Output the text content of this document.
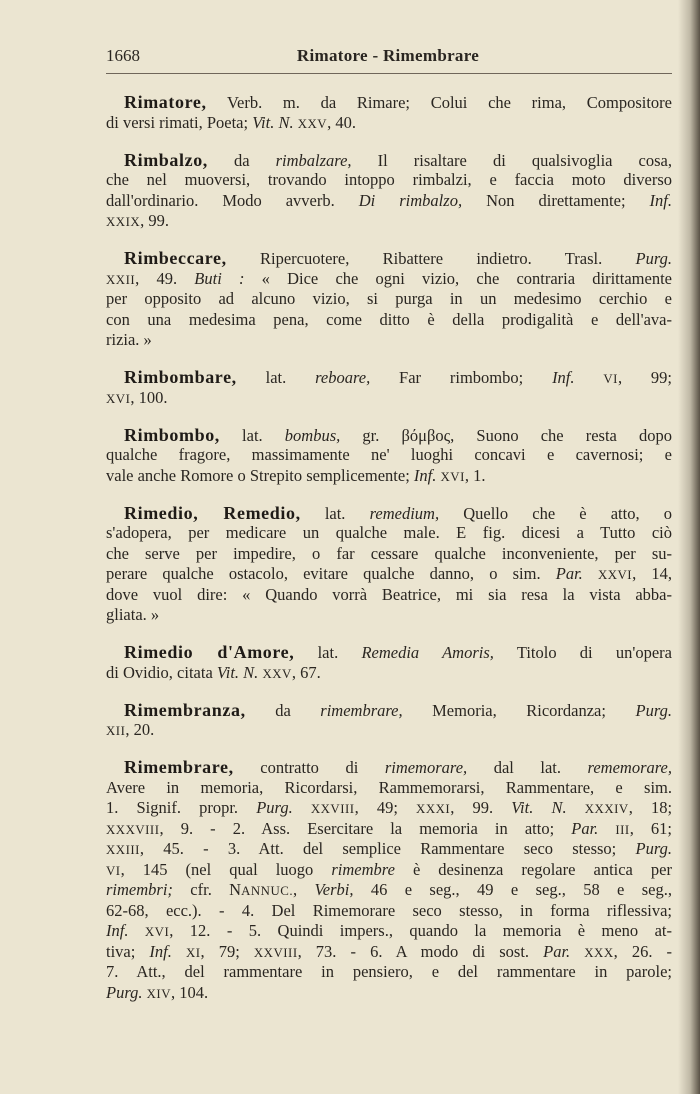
1668	Rimatore - Rimembrare
Rimatore, Verb. m. da Rimare; Colui che rima, Compositore
di versi rimati, Poeta; Vit. N. XXV, 40.
Rimbalzo, da rimbalzare, Il risaltare di qualsivoglia cosa,
che nel muoversi, trovando intoppo rimbalzi, e faccia moto diverso
dall'ordinario. Modo avverb. Di rimbalzo, Non direttamente; Inf.
XXIX, 99.
Rimbeccare, Ripercuotere, Ribattere indietro. Trasl. Purg.
XXII, 49. Buti : « Dice che ogni vizio, che contraria dirittamente
per opposito ad alcuno vizio, si purga in un medesimo cerchio e
con una medesima pena, come ditto è della prodigalità e dell'ava-
rizia. »
Rimbombare, lat. reboare, Far rimbombo; Inf. VI, 99;
XVI, 100.
Rimbombo, lat. bombus, gr. βόμβος, Suono che resta dopo
qualche fragore, massimamente ne' luoghi concavi e cavernosi; e
vale anche Romore o Strepito semplicemente; Inf. XVI, 1.
Rimedio, Remedio, lat. remedium, Quello che è atto, o
s'adopera, per medicare un qualche male. E fig. dicesi a Tutto ciò
che serve per impedire, o far cessare qualche inconveniente, per su-
perare qualche ostacolo, evitare qualche danno, o sim. Par. XXVI, 14,
dove vuol dire: « Quando vorrà Beatrice, mi sia resa la vista abba-
gliata. »
Rimedio d'Amore, lat. Remedia Amoris, Titolo di un'opera
di Ovidio, citata Vit. N. XXV, 67.
Rimembranza, da rimembrare, Memoria, Ricordanza; Purg.
XII, 20.
Rimembrare, contratto di rimemorare, dal lat. rememorare,
Avere in memoria, Ricordarsi, Rammemorarsi, Rammentare, e sim.
1. Signif. propr. Purg. XXVIII, 49; XXXI, 99. Vit. N. XXXIV, 18;
XXXVIII, 9. - 2. Ass. Esercitare la memoria in atto; Par. III, 61;
XXIII, 45. - 3. Att. del semplice Rammentare seco stesso; Purg.
VI, 145 (nel qual luogo rimembre è desinenza regolare antica per
rimembri; cfr. NANNUC., Verbi, 46 e seg., 49 e seg., 58 e seg.,
62-68, ecc.). - 4. Del Rimemorare seco stesso, in forma riflessiva;
Inf. XVI, 12. - 5. Quindi impers., quando la memoria è meno at-
tiva; Inf. XI, 79; XXVIII, 73. - 6. A modo di sost. Par. XXX, 26. -
7. Att., del rammentare in pensiero, e del rammentare in parole;
Purg. XIV, 104.
